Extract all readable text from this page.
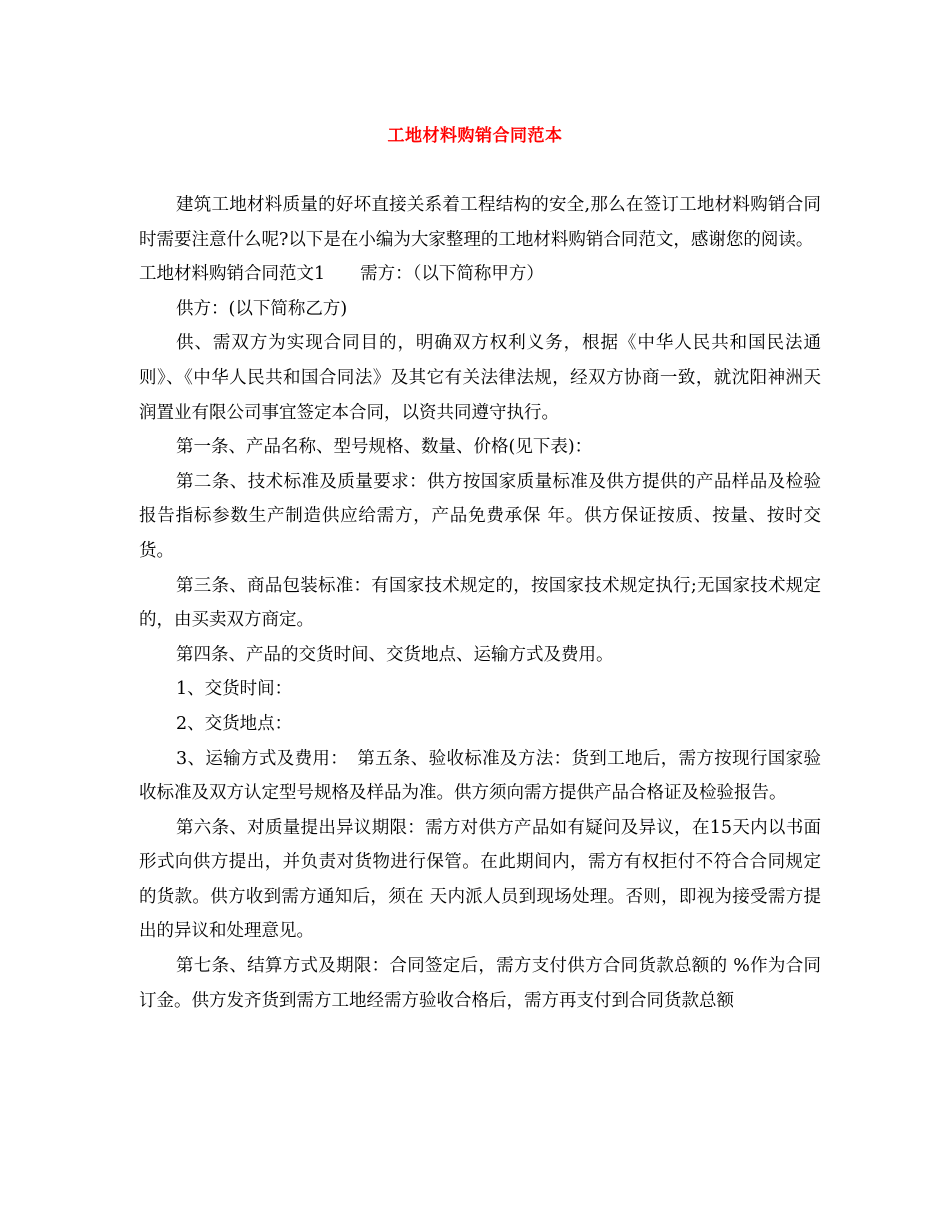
工地材料购销合同范本

建筑工地材料质量的好坏直接关系着工程结构的安全,那么在签订工地材料购销合同时需要注意什么呢?以下是在小编为大家整理的工地材料购销合同范文，感谢您的阅读。

工地材料购销合同范文1　　需方：（以下简称甲方）

供方：(以下简称乙方)

供、需双方为实现合同目的，明确双方权利义务，根据《中华人民共和国民法通则》、《中华人民共和国合同法》及其它有关法律法规，经双方协商一致，就沈阳神洲天润置业有限公司事宜签定本合同，以资共同遵守执行。

第一条、产品名称、型号规格、数量、价格(见下表)：

第二条、技术标准及质量要求：供方按国家质量标准及供方提供的产品样品及检验报告指标参数生产制造供应给需方，产品免费承保 年。供方保证按质、按量、按时交货。

第三条、商品包装标准：有国家技术规定的，按国家技术规定执行;无国家技术规定的，由买卖双方商定。

第四条、产品的交货时间、交货地点、运输方式及费用。

1、交货时间：

2、交货地点：

3、运输方式及费用：　第五条、验收标准及方法：货到工地后，需方按现行国家验收标准及双方认定型号规格及样品为准。供方须向需方提供产品合格证及检验报告。

第六条、对质量提出异议期限：需方对供方产品如有疑问及异议，在15天内以书面形式向供方提出，并负责对货物进行保管。在此期间内，需方有权拒付不符合合同规定的货款。供方收到需方通知后，须在 天内派人员到现场处理。否则，即视为接受需方提出的异议和处理意见。

第七条、结算方式及期限：合同签定后，需方支付供方合同货款总额的 %作为合同订金。供方发齐货到需方工地经需方验收合格后，需方再支付到合同货款总额
